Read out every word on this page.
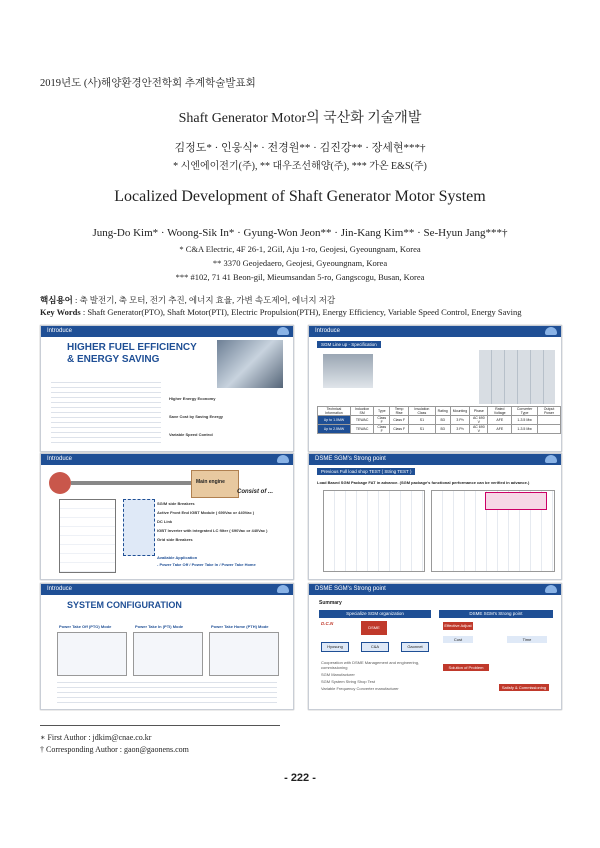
2019년도 (사)해양환경안전학회 추계학술발표회
Shaft Generator Motor의 국산화 기술개발
김정도* · 인웅식* · 전경원** · 김진강** · 장세현***†
* 시엔에이전기(주), ** 대우조선해양(주), *** 가온 E&S(주)
Localized Development of Shaft Generator Motor System
Jung-Do Kim* · Woong-Sik In* · Gyung-Won Jeon** · Jin-Kang Kim** · Se-Hyun Jang***†
* C&A Electric, 4F 26-1, 2Gil, Aju 1-ro, Geojesi, Gyeoungnam, Korea
** 3370 Geojedaero, Geojesi, Gyeoungnam, Korea
*** #102, 71 41 Beon-gil, Mieumsandan 5-ro, Gangscogu, Busan, Korea
핵심용어 : 축 발전기, 축 모터, 전기 추진, 에너지 효율, 가변 속도제어, 에너지 저감
Key Words : Shaft Generator(PTO), Shaft Motor(PTI), Electric Propulsion(PTH), Energy Efficiency, Variable Speed Control, Energy Saving
Introduce
HIGHER FUEL EFFICIENCY
& ENERGY SAVING
Higher Energy Economy
Save Cost by Saving Energy
Variable Speed Control
Introduce
SGM Line up - Specification
Technical Information	Induction SM	Type	Temp Rise	Insulation Class	Rating	Mounting	Phase	Rated Voltage	Converter Type	Output Power
Up to 1.0MW	TEWAC	Class F	Class F	S1	B3	3 Ph	AC 690 V	AFE	1-3.5 Mw	
Up to 2.5MW	TEWAC	Class F	Class F	S1	B3	3 Ph	AC 690 V	AFE	1-3.5 Mw	
Introduce
Main engine
Consist of ...
SG/M side Breakers
Active Front End IGBT Module ( 690Vac or 440Vac )
DC Link
IGBT Inverter with integrated LC filter ( 690Vac or 440Vac )
Grid side Breakers
Available Application
- Power Take Off / Power Take In / Power Take Home
DSME SGM's Strong point
Previous Full load shop TEST ( String TEST )
Load Based SGM Package FAT in advance. (SGM package's functional performance can be verified in advance.)
Introduce
SYSTEM CONFIGURATION
Power Take Off (PTO) Mode	Power Take In (PTI) Mode	Power Take Home (PTH) Mode
DSME SGM's Strong point
Summary
Specialize SGM organization	DSME SGM's Strong point
D.C.N
DSME
Hyosung	C&A	Gaonnet
Cooperation with DSME Management and engineering, commissioning
SGM Manufacturer
SGM System String Shop Test
Variable Frequency Converter manufacturer
Effective Adjust
Cost	Time
Solution of Problem
Satisfy & Commissioning
∗ First Author : jdkim@cnae.co.kr
† Corresponding Author : gaon@gaonens.com
- 222 -
